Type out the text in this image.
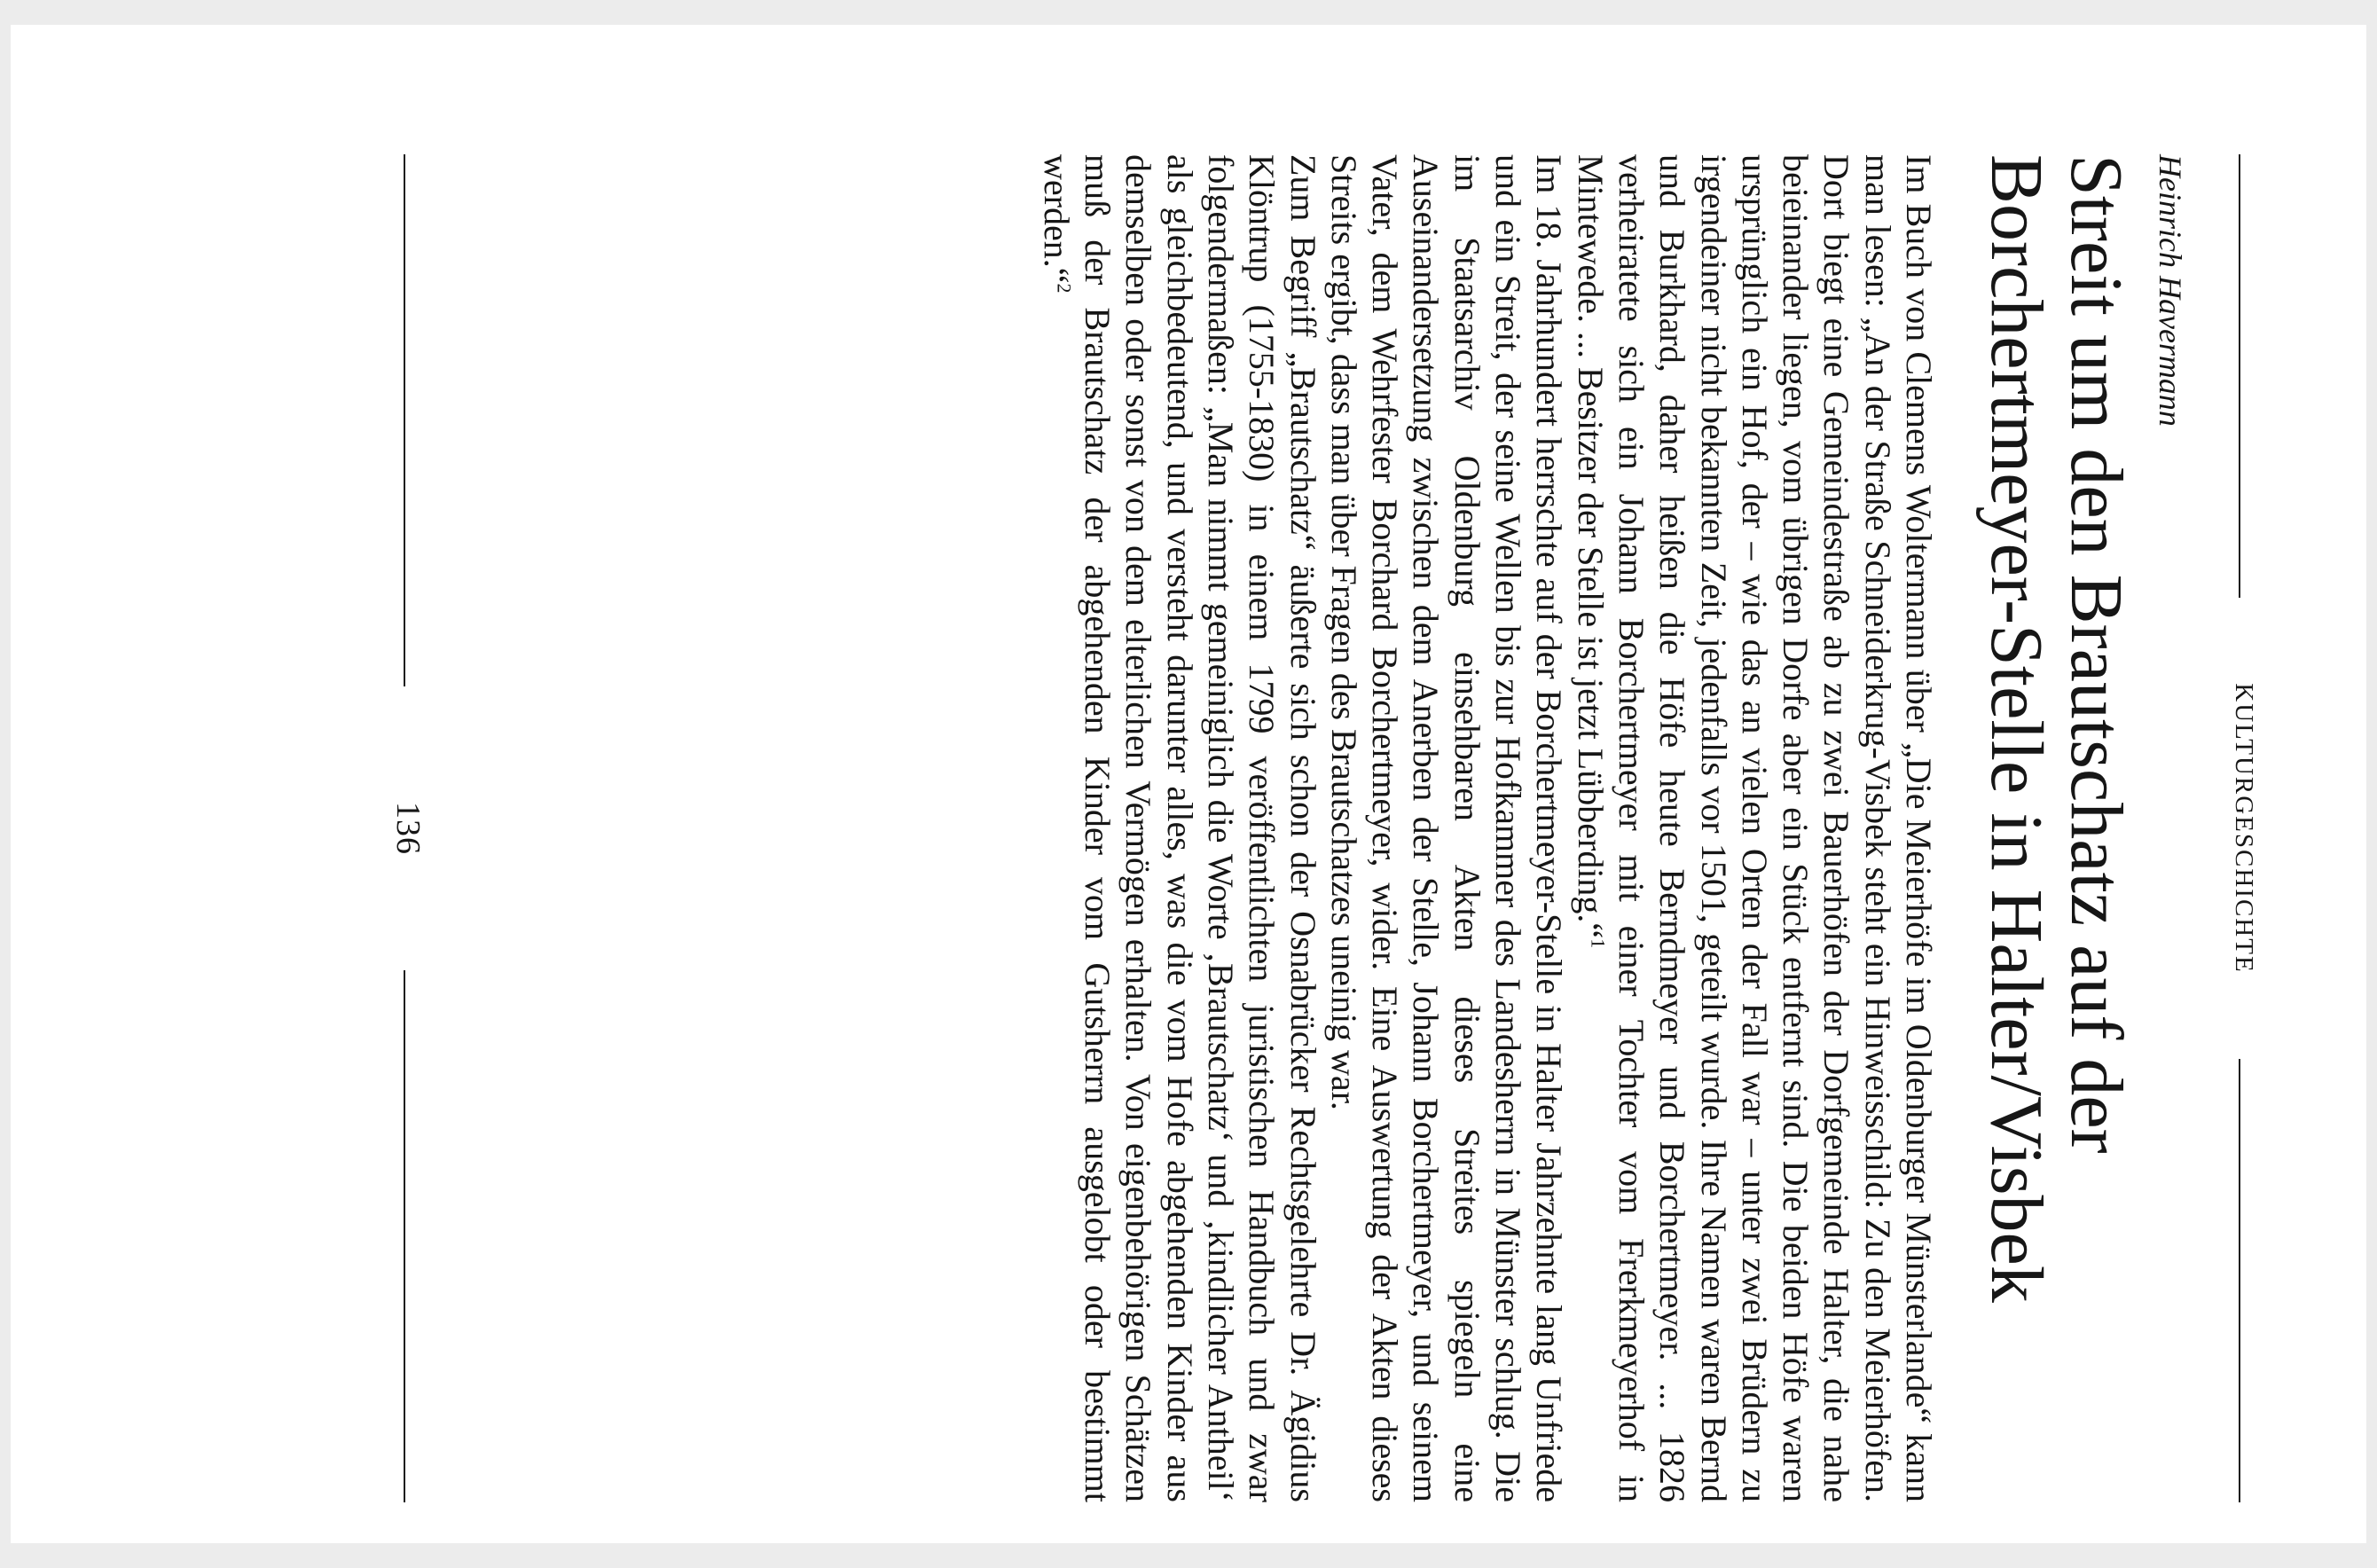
KULTURGESCHICHTE
Heinrich Havermann
Streit um den Brautschatz auf der
Borchertmeyer-Stelle in Halter/Visbek

Im Buch von Clemens Woltermann über „Die Meierhöfe im Oldenburger Münsterlande“ kann man lesen: „An der Straße Schneiderkrug-Visbek steht ein Hinweisschild: Zu den Meierhöfen. Dort biegt eine Gemeindestraße ab zu zwei Bauerhöfen der Dorfgemeinde Halter, die nahe beieinander liegen, vom übrigen Dorfe aber ein Stück entfernt sind. Die beiden Höfe waren ursprünglich ein Hof, der – wie das an vielen Orten der Fall war – unter zwei Brüdern zu irgendeiner nicht bekannten Zeit, jedenfalls vor 1501, geteilt wurde. Ihre Namen waren Bernd und Burkhard, daher heißen die Höfe heute Berndmeyer und Borchertmeyer. ... 1826 verheiratete sich ein Johann Borchertmeyer mit einer Tochter vom Frerkmeyerhof in Mintewede. ... Besitzer der Stelle ist jetzt Lübberding.“$^1$

Im 18. Jahrhundert herrschte auf der Borchertmeyer-Stelle in Halter Jahrzehnte lang Unfriede und ein Streit, der seine Wellen bis zur Hofkammer des Landesherrn in Münster schlug. Die im Staatsarchiv Oldenburg einsehbaren Akten dieses Streites spiegeln eine Auseinandersetzung zwischen dem Anerben der Stelle, Johann Borchertmeyer, und seinem Vater, dem Wehrfester Borchard Borchertmeyer, wider. Eine Auswertung der Akten dieses Streits ergibt, dass man über Fragen des Brautschatzes uneinig war.

Zum Begriff „Brautschatz“ äußerte sich schon der Osnabrücker Rechtsgelehrte Dr. Ägidius Klöntrup (1755-1830) in einem 1799 veröffentlichten juristischen Handbuch und zwar folgendermaßen: „Man nimmt gemeiniglich die Worte ‚Brautschatz‘ und ‚kindlicher Antheil‘ als gleichbedeutend, und versteht darunter alles, was die vom Hofe abgehenden Kinder aus demselben oder sonst von dem elterlichen Vermögen erhalten. Von eigenbehörigen Schätzen muß der Brautschatz der abgehenden Kinder vom Gutsherrn ausgelobt oder bestimmt werden.“$^2$

136
